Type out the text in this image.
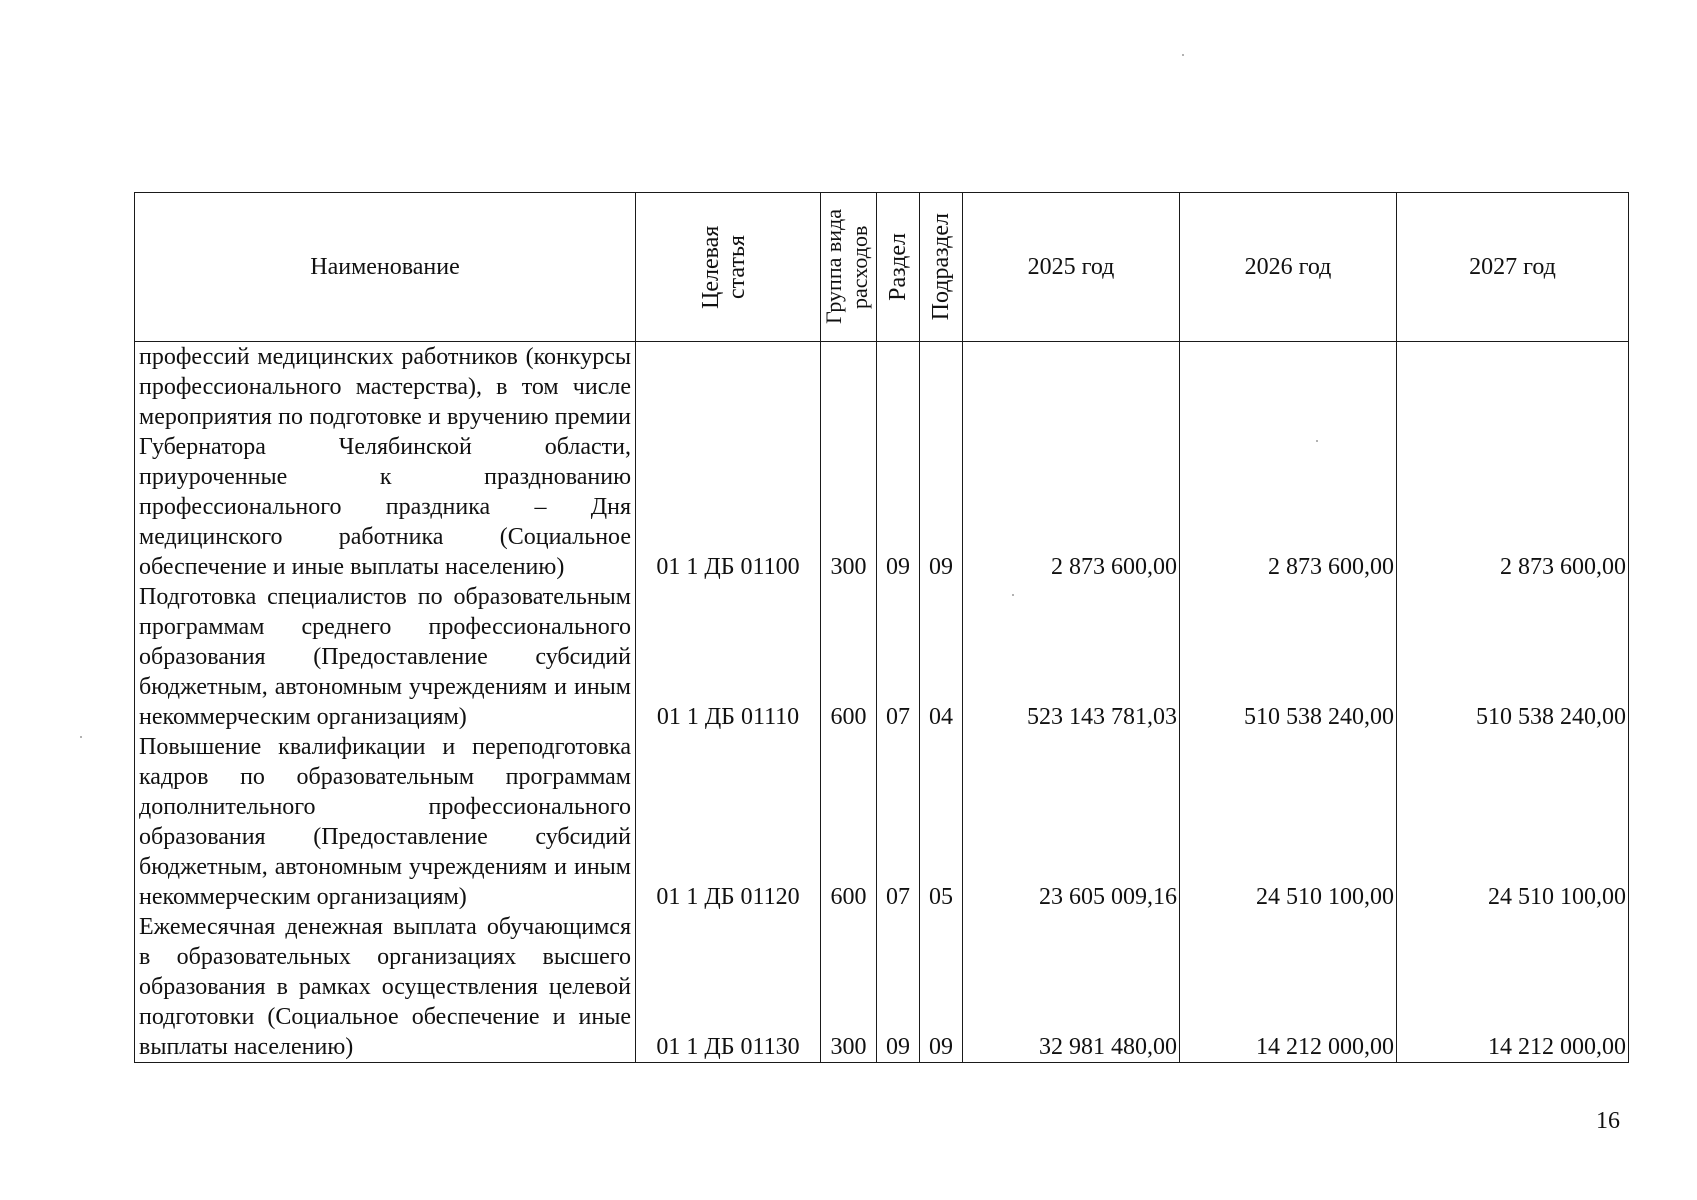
Наименование	Целевая статья	Группа вида расходов	Раздел	Подраздел	2025 год	2026 год	2027 год
профессий медицинских работников (конкурсы профессионального мастерства), в том числе мероприятия по подготовке и вручению премии Губернатора Челябинской области, приуроченные к празднованию профессионального праздника – Дня медицинского работника (Социальное обеспечение и иные выплаты населению)	01 1 ДБ 01100	300	09	09	2 873 600,00	2 873 600,00	2 873 600,00
Подготовка специалистов по образовательным программам среднего профессионального образования (Предоставление субсидий бюджетным, автономным учреждениям и иным некоммерческим организациям)	01 1 ДБ 01110	600	07	04	523 143 781,03	510 538 240,00	510 538 240,00
Повышение квалификации и переподготовка кадров по образовательным программам дополнительного профессионального образования (Предоставление субсидий бюджетным, автономным учреждениям и иным некоммерческим организациям)	01 1 ДБ 01120	600	07	05	23 605 009,16	24 510 100,00	24 510 100,00
Ежемесячная денежная выплата обучающимся в образовательных организациях высшего образования в рамках осуществления целевой подготовки (Социальное обеспечение и иные выплаты населению)	01 1 ДБ 01130	300	09	09	32 981 480,00	14 212 000,00	14 212 000,00
16
